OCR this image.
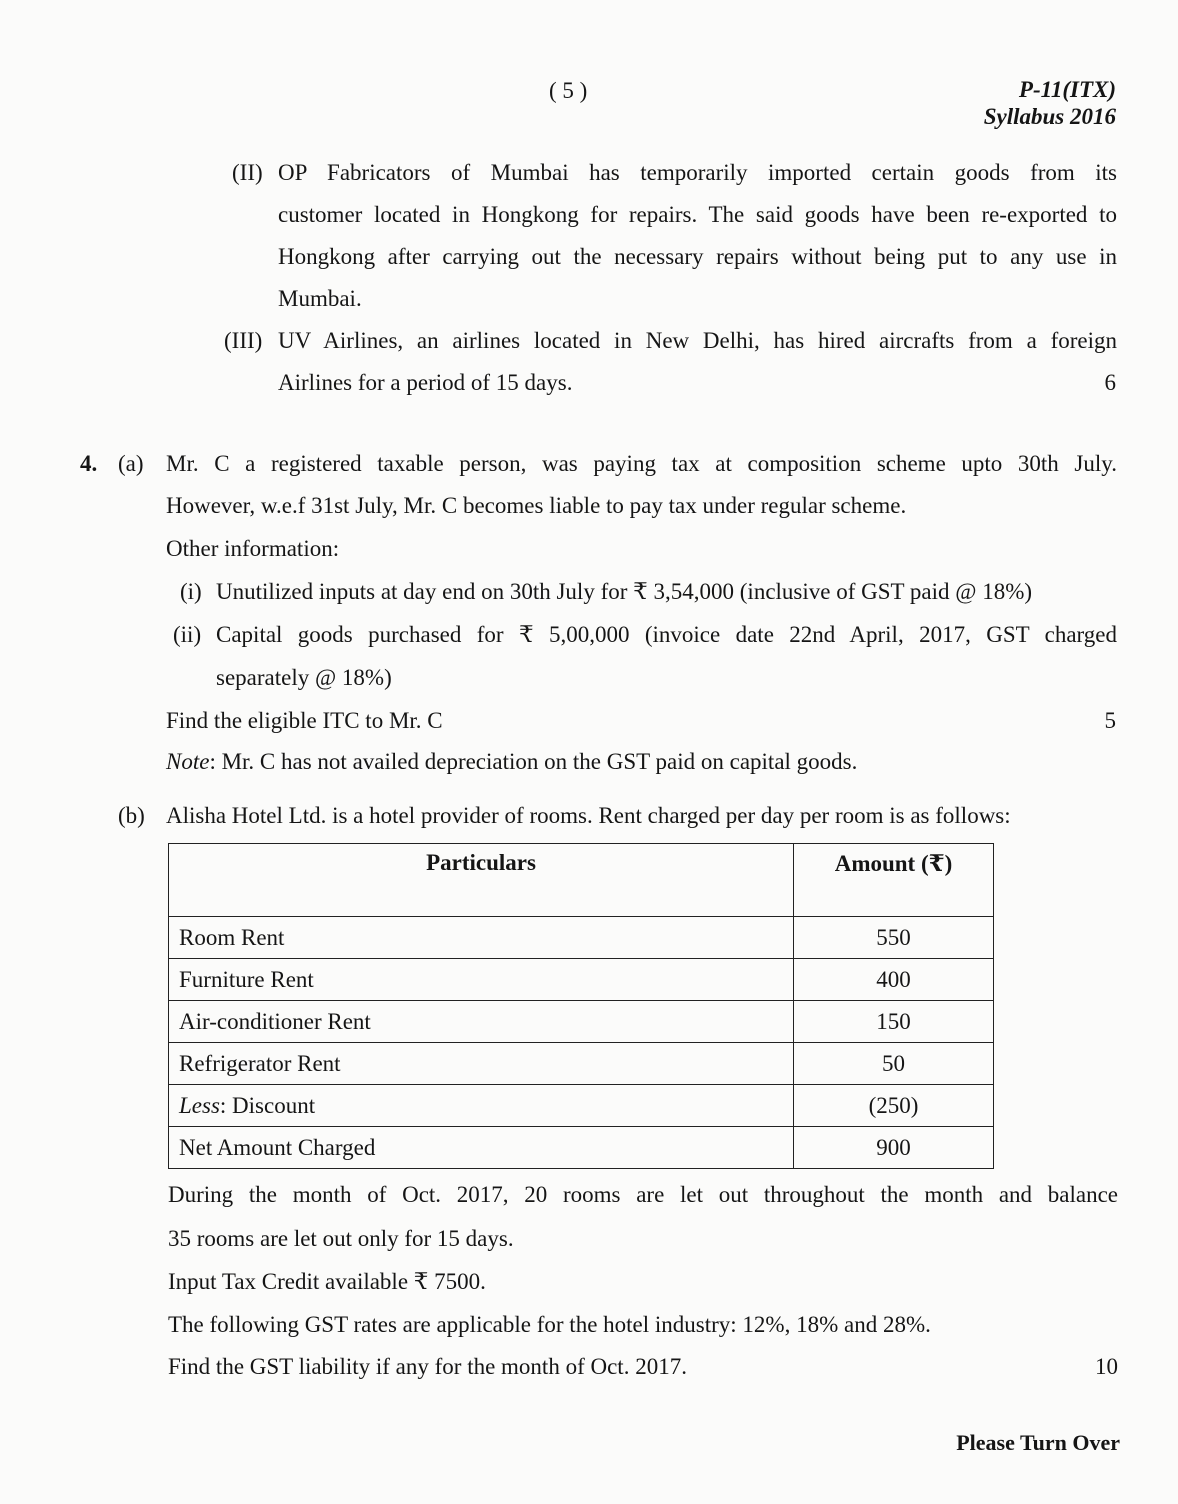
( 5 )	P-11(ITX)
Syllabus 2016
(II) OP Fabricators of Mumbai has temporarily imported certain goods from its
customer located in Hongkong for repairs. The said goods have been re-exported to
Hongkong after carrying out the necessary repairs without being put to any use in
Mumbai.
(III) UV Airlines, an airlines located in New Delhi, has hired aircrafts from a foreign
Airlines for a period of 15 days.	6
4. (a) Mr. C a registered taxable person, was paying tax at composition scheme upto 30th July.
However, w.e.f 31st July, Mr. C becomes liable to pay tax under regular scheme.
Other information:
(i) Unutilized inputs at day end on 30th July for ₹ 3,54,000 (inclusive of GST paid @ 18%)
(ii) Capital goods purchased for ₹ 5,00,000 (invoice date 22nd April, 2017, GST charged
separately @ 18%)
Find the eligible ITC to Mr. C	5
Note: Mr. C has not availed depreciation on the GST paid on capital goods.
(b) Alisha Hotel Ltd. is a hotel provider of rooms. Rent charged per day per room is as follows:
Particulars	Amount (₹)
Room Rent	550
Furniture Rent	400
Air-conditioner Rent	150
Refrigerator Rent	50
Less: Discount	(250)
Net Amount Charged	900
During the month of Oct. 2017, 20 rooms are let out throughout the month and balance
35 rooms are let out only for 15 days.
Input Tax Credit available ₹ 7500.
The following GST rates are applicable for the hotel industry: 12%, 18% and 28%.
Find the GST liability if any for the month of Oct. 2017.	10
Please Turn Over
